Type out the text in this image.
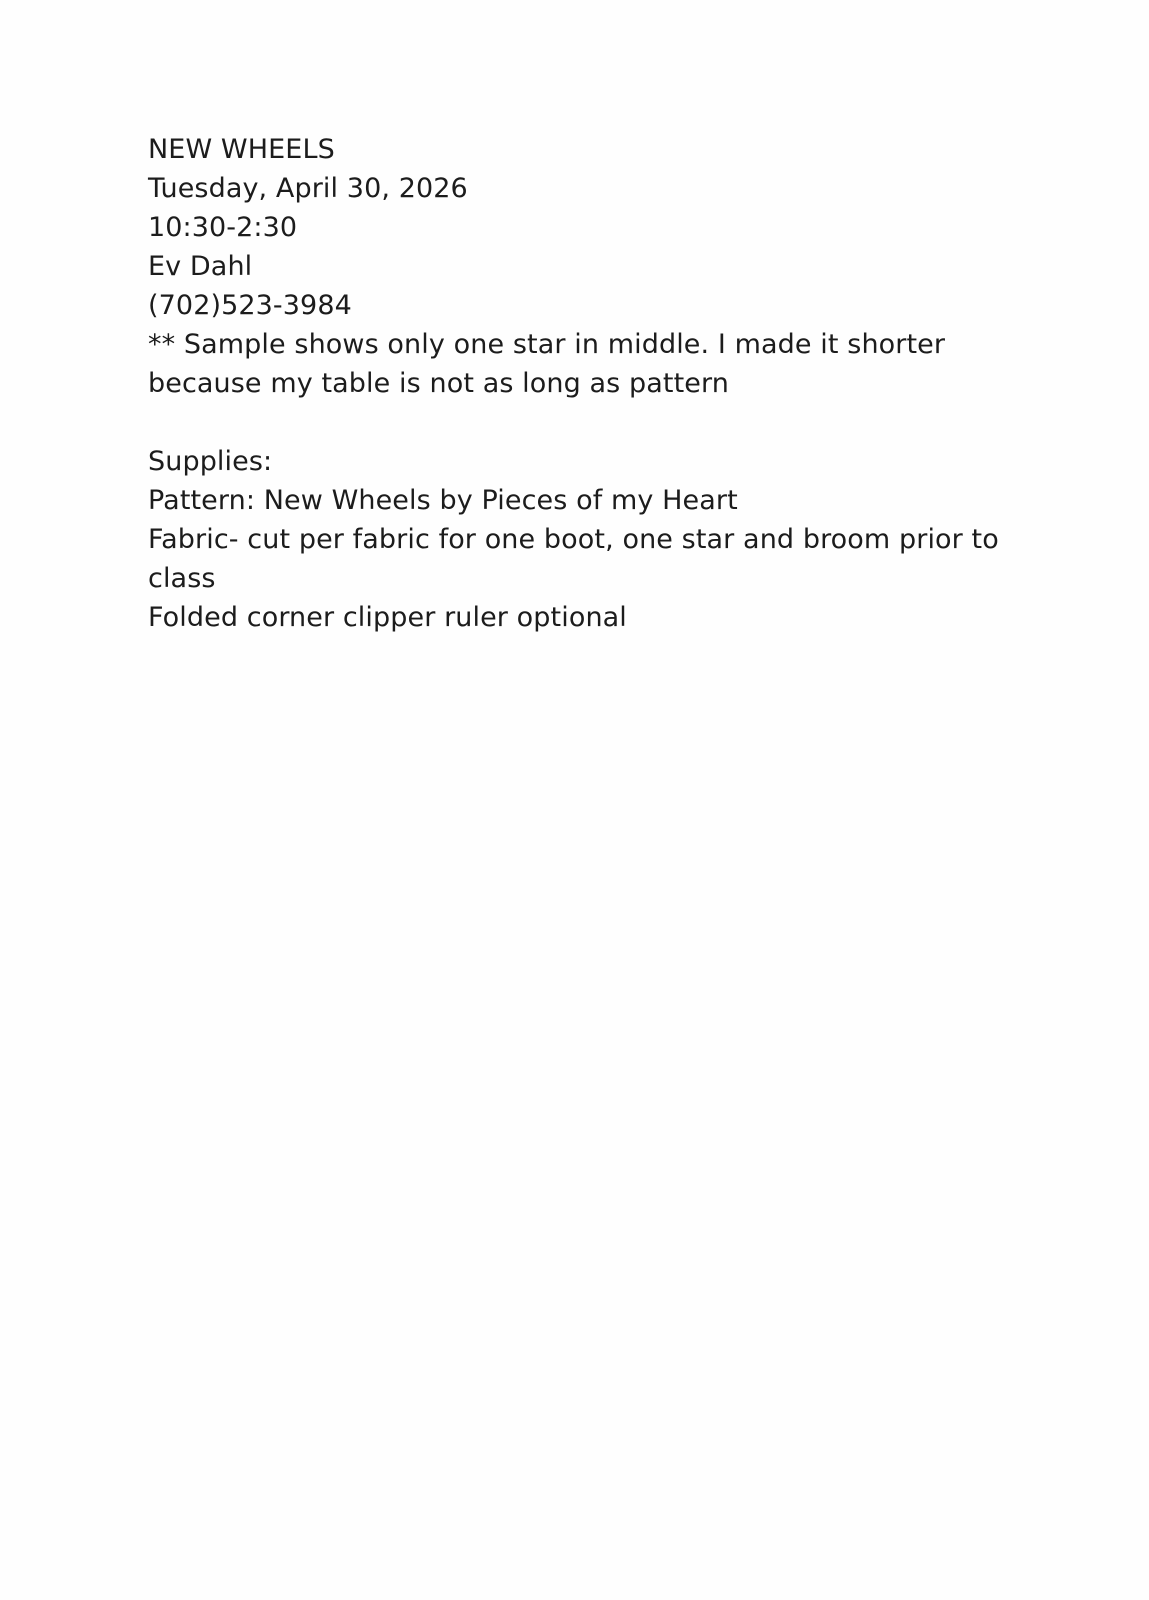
NEW WHEELS
Tuesday, April 30, 2026
10:30-2:30
Ev Dahl
(702)523-3984
** Sample shows only one star in middle. I made it shorter because my table is not as long as pattern
Supplies:
Pattern: New Wheels by Pieces of my Heart
Fabric- cut per fabric for one boot, one star and broom prior to class
Folded corner clipper ruler optional
